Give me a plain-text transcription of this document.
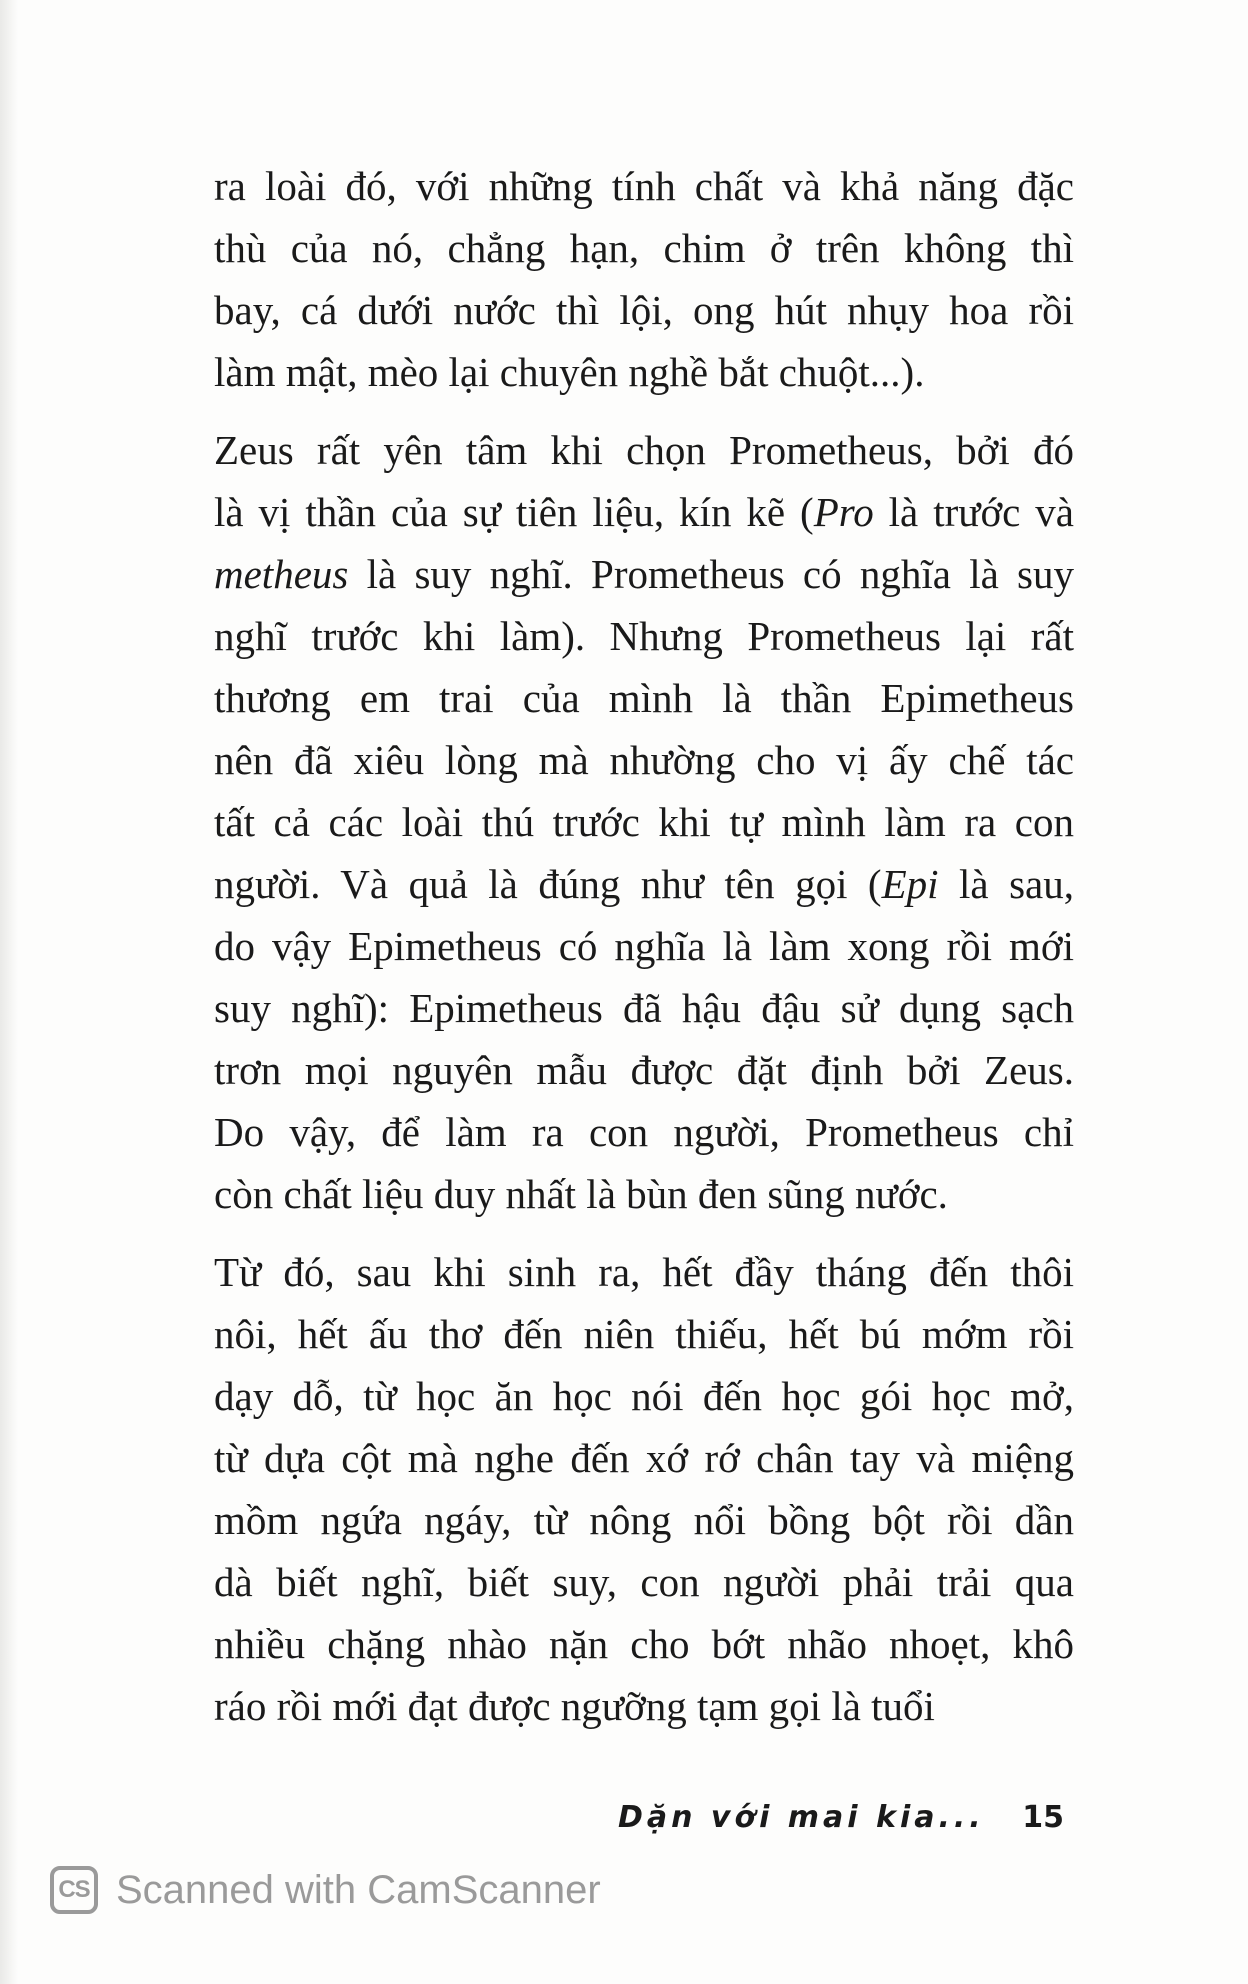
ra loài đó, với những tính chất và khả năng đặc
thù của nó, chẳng hạn, chim ở trên không thì
bay, cá dưới nước thì lội, ong hút nhụy hoa rồi
làm mật, mèo lại chuyên nghề bắt chuột...).
Zeus rất yên tâm khi chọn Prometheus, bởi đó
là vị thần của sự tiên liệu, kín kẽ (Pro là trước và
metheus là suy nghĩ. Prometheus có nghĩa là suy
nghĩ trước khi làm). Nhưng Prometheus lại rất
thương em trai của mình là thần Epimetheus
nên đã xiêu lòng mà nhường cho vị ấy chế tác
tất cả các loài thú trước khi tự mình làm ra con
người. Và quả là đúng như tên gọi (Epi là sau,
do vậy Epimetheus có nghĩa là làm xong rồi mới
suy nghĩ): Epimetheus đã hậu đậu sử dụng sạch
trơn mọi nguyên mẫu được đặt định bởi Zeus.
Do vậy, để làm ra con người, Prometheus chỉ
còn chất liệu duy nhất là bùn đen sũng nước.
Từ đó, sau khi sinh ra, hết đầy tháng đến thôi
nôi, hết ấu thơ đến niên thiếu, hết bú mớm rồi
dạy dỗ, từ học ăn học nói đến học gói học mở,
từ dựa cột mà nghe đến xớ rớ chân tay và miệng
mồm ngứa ngáy, từ nông nổi bồng bột rồi dần
dà biết nghĩ, biết suy, con người phải trải qua
nhiều chặng nhào nặn cho bớt nhão nhoẹt, khô
ráo rồi mới đạt được ngưỡng tạm gọi là tuổi
Dặn với mai kia... 15
CS Scanned with CamScanner
